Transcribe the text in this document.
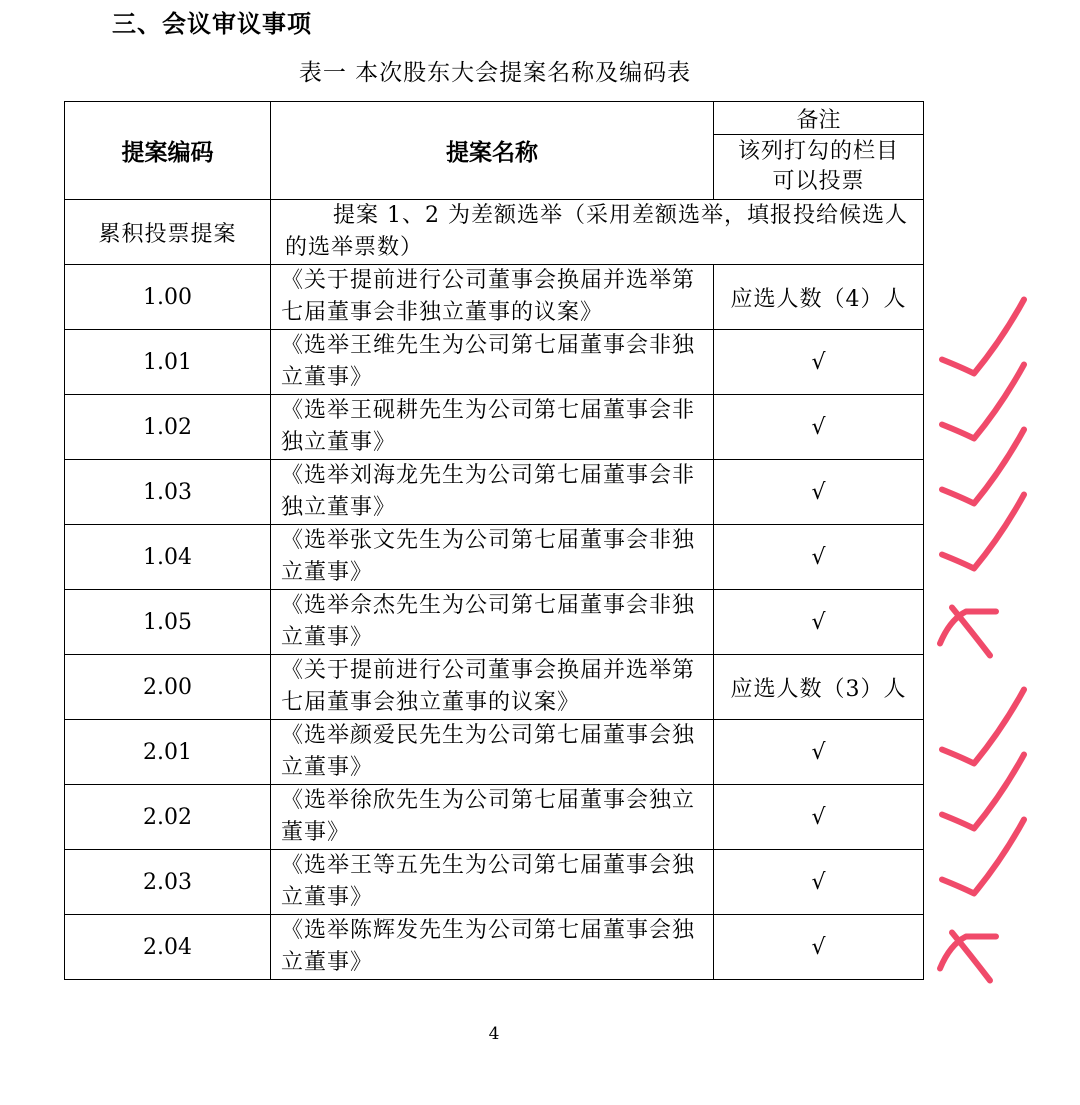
三、会议审议事项
表一 本次股东大会提案名称及编码表
提案编码	提案名称	备注

		该列打勾的栏目可以投票

累积投票提案	提案 1、2 为差额选举（采用差额选举，填报投给候选人的选举票数）	
1.00	《关于提前进行公司董事会换届并选举第七届董事会非独立董事的议案》	应选人数（4）人
1.01	《选举王维先生为公司第七届董事会非独立董事》	√
1.02	《选举王砚耕先生为公司第七届董事会非独立董事》	√
1.03	《选举刘海龙先生为公司第七届董事会非独立董事》	√
1.04	《选举张文先生为公司第七届董事会非独立董事》	√
1.05	《选举佘杰先生为公司第七届董事会非独立董事》	√
2.00	《关于提前进行公司董事会换届并选举第七届董事会独立董事的议案》	应选人数（3）人
2.01	《选举颜爱民先生为公司第七届董事会独立董事》	√
2.02	《选举徐欣先生为公司第七届董事会独立董事》	√
2.03	《选举王等五先生为公司第七届董事会独立董事》	√
2.04	《选举陈辉发先生为公司第七届董事会独立董事》	√
4
